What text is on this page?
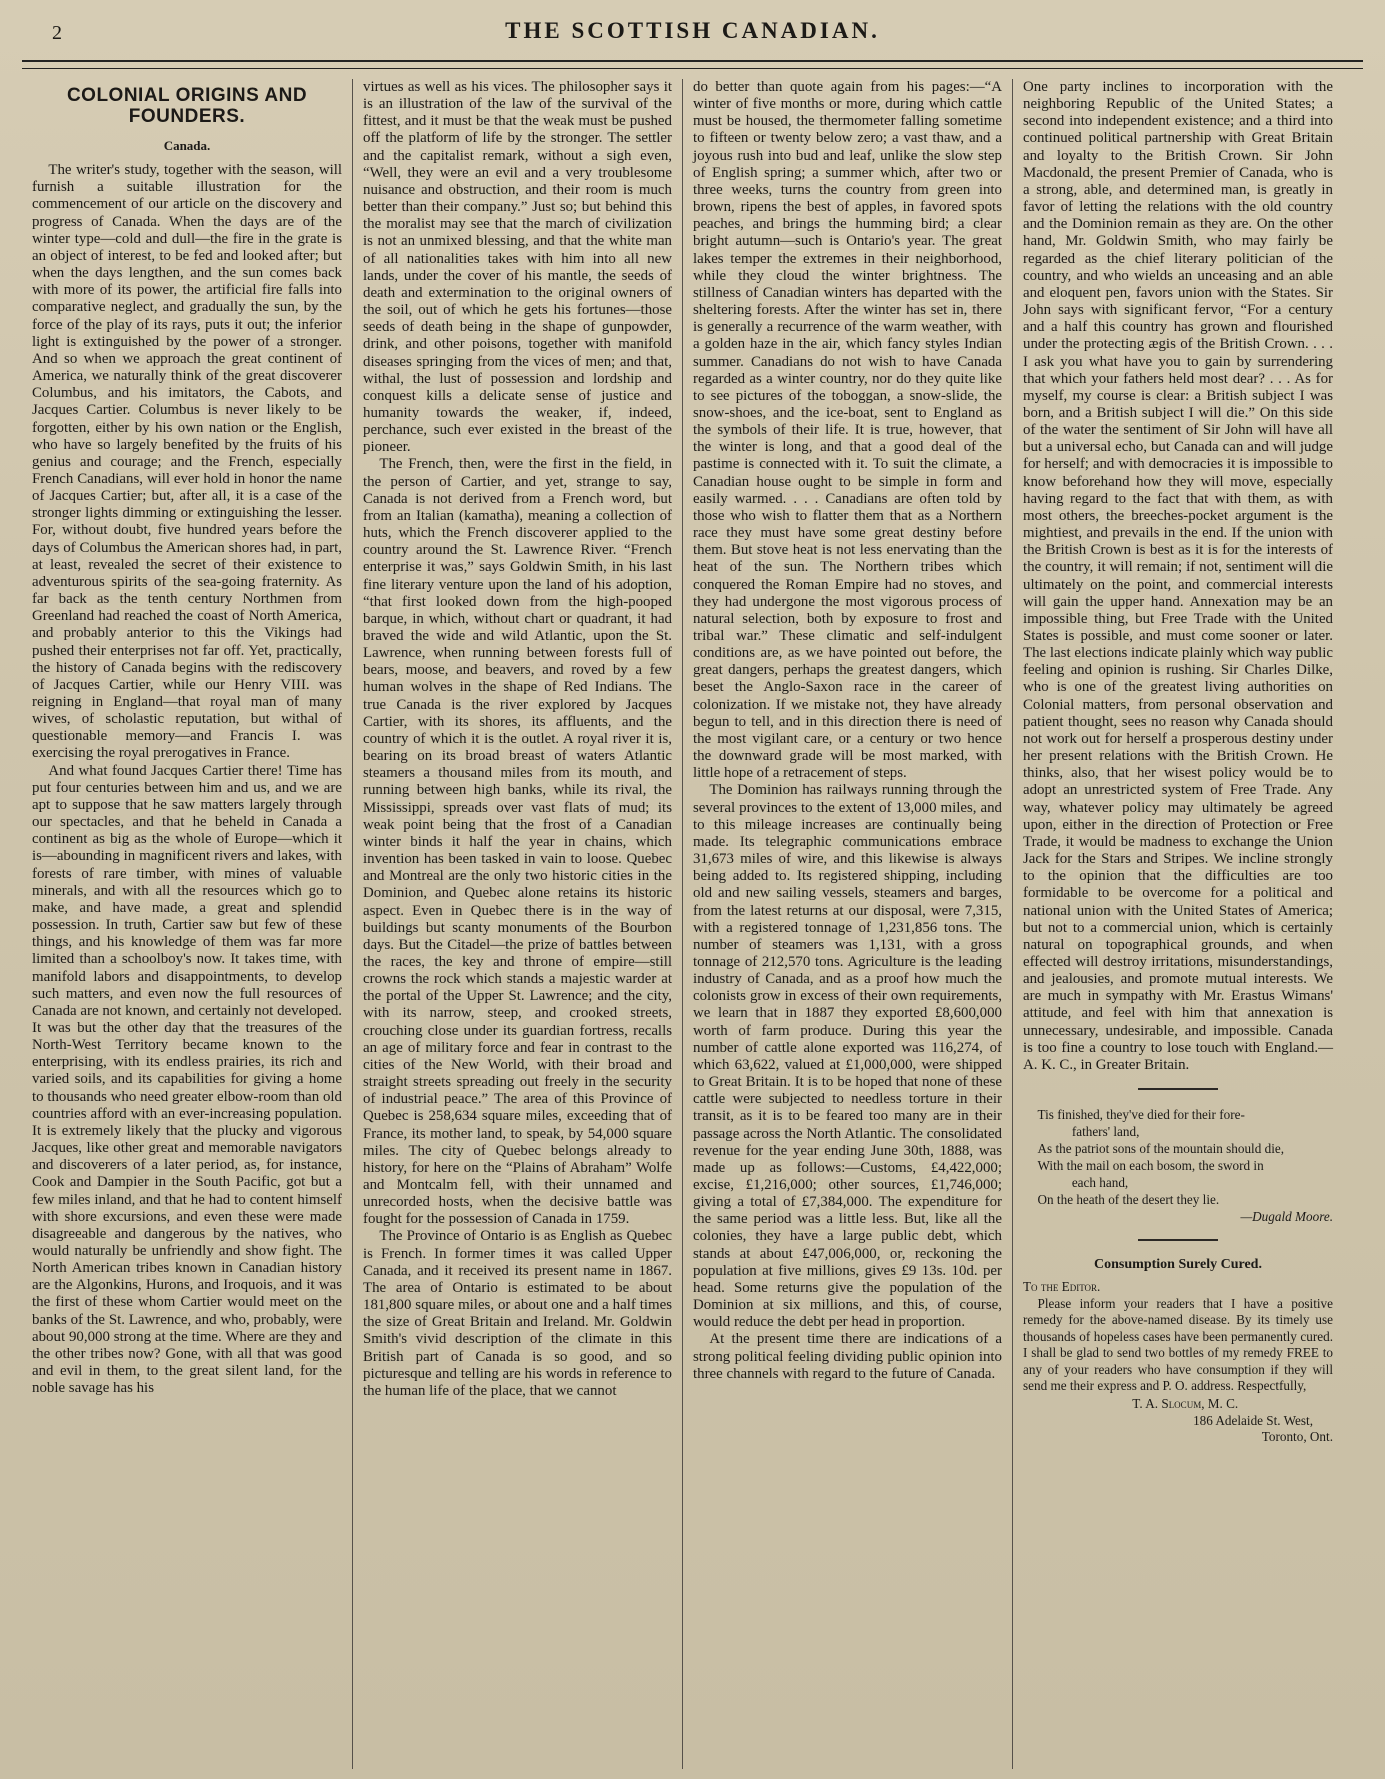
2	THE SCOTTISH CANADIAN.
COLONIAL ORIGINS AND FOUNDERS.
Canada.

The writer's study, together with the season, will furnish a suitable illustration for the commencement of our article on the discovery and progress of Canada. When the days are of the winter type—cold and dull—the fire in the grate is an object of interest, to be fed and looked after; but when the days lengthen, and the sun comes back with more of its power, the artificial fire falls into comparative neglect, and gradually the sun, by the force of the play of its rays, puts it out; the inferior light is extinguished by the power of a stronger. And so when we approach the great continent of America, we naturally think of the great discoverer Columbus, and his imitators, the Cabots, and Jacques Cartier. Columbus is never likely to be forgotten, either by his own nation or the English, who have so largely benefited by the fruits of his genius and courage; and the French, especially French Canadians, will ever hold in honor the name of Jacques Cartier; but, after all, it is a case of the stronger lights dimming or extinguishing the lesser. For, without doubt, five hundred years before the days of Columbus the American shores had, in part, at least, revealed the secret of their existence to adventurous spirits of the sea-going fraternity. As far back as the tenth century Northmen from Greenland had reached the coast of North America, and probably anterior to this the Vikings had pushed their enterprises not far off. Yet, practically, the history of Canada begins with the rediscovery of Jacques Cartier, while our Henry VIII. was reigning in England—that royal man of many wives, of scholastic reputation, but withal of questionable memory—and Francis I. was exercising the royal prerogatives in France.

And what found Jacques Cartier there! Time has put four centuries between him and us, and we are apt to suppose that he saw matters largely through our spectacles, and that he beheld in Canada a continent as big as the whole of Europe—which it is—abounding in magnificent rivers and lakes, with forests of rare timber, with mines of valuable minerals, and with all the resources which go to make, and have made, a great and splendid possession. In truth, Cartier saw but few of these things, and his knowledge of them was far more limited than a schoolboy's now. It takes time, with manifold labors and disappointments, to develop such matters, and even now the full resources of Canada are not known, and certainly not developed. It was but the other day that the treasures of the North-West Territory became known to the enterprising, with its endless prairies, its rich and varied soils, and its capabilities for giving a home to thousands who need greater elbow-room than old countries afford with an ever-increasing population. It is extremely likely that the plucky and vigorous Jacques, like other great and memorable navigators and discoverers of a later period, as, for instance, Cook and Dampier in the South Pacific, got but a few miles inland, and that he had to content himself with shore excursions, and even these were made disagreeable and dangerous by the natives, who would naturally be unfriendly and show fight. The North American tribes known in Canadian history are the Algonkins, Hurons, and Iroquois, and it was the first of these whom Cartier would meet on the banks of the St. Lawrence, and who, probably, were about 90,000 strong at the time. Where are they and the other tribes now? Gone, with all that was good and evil in them, to the great silent land, for the noble savage has his

virtues as well as his vices. The philosopher says it is an illustration of the law of the survival of the fittest, and it must be that the weak must be pushed off the platform of life by the stronger. The settler and the capitalist remark, without a sigh even, “Well, they were an evil and a very troublesome nuisance and obstruction, and their room is much better than their company.” Just so; but behind this the moralist may see that the march of civilization is not an unmixed blessing, and that the white man of all nationalities takes with him into all new lands, under the cover of his mantle, the seeds of death and extermination to the original owners of the soil, out of which he gets his fortunes—those seeds of death being in the shape of gunpowder, drink, and other poisons, together with manifold diseases springing from the vices of men; and that, withal, the lust of possession and lordship and conquest kills a delicate sense of justice and humanity towards the weaker, if, indeed, perchance, such ever existed in the breast of the pioneer.

The French, then, were the first in the field, in the person of Cartier, and yet, strange to say, Canada is not derived from a French word, but from an Italian (kamatha), meaning a collection of huts, which the French discoverer applied to the country around the St. Lawrence River. “French enterprise it was,” says Goldwin Smith, in his last fine literary venture upon the land of his adoption, “that first looked down from the high-pooped barque, in which, without chart or quadrant, it had braved the wide and wild Atlantic, upon the St. Lawrence, when running between forests full of bears, moose, and beavers, and roved by a few human wolves in the shape of Red Indians. The true Canada is the river explored by Jacques Cartier, with its shores, its affluents, and the country of which it is the outlet. A royal river it is, bearing on its broad breast of waters Atlantic steamers a thousand miles from its mouth, and running between high banks, while its rival, the Mississippi, spreads over vast flats of mud; its weak point being that the frost of a Canadian winter binds it half the year in chains, which invention has been tasked in vain to loose. Quebec and Montreal are the only two historic cities in the Dominion, and Quebec alone retains its historic aspect. Even in Quebec there is in the way of buildings but scanty monuments of the Bourbon days. But the Citadel—the prize of battles between the races, the key and throne of empire—still crowns the rock which stands a majestic warder at the portal of the Upper St. Lawrence; and the city, with its narrow, steep, and crooked streets, crouching close under its guardian fortress, recalls an age of military force and fear in contrast to the cities of the New World, with their broad and straight streets spreading out freely in the security of industrial peace.” The area of this Province of Quebec is 258,634 square miles, exceeding that of France, its mother land, to speak, by 54,000 square miles. The city of Quebec belongs already to history, for here on the “Plains of Abraham” Wolfe and Montcalm fell, with their unnamed and unrecorded hosts, when the decisive battle was fought for the possession of Canada in 1759.

The Province of Ontario is as English as Quebec is French. In former times it was called Upper Canada, and it received its present name in 1867. The area of Ontario is estimated to be about 181,800 square miles, or about one and a half times the size of Great Britain and Ireland. Mr. Goldwin Smith's vivid description of the climate in this British part of Canada is so good, and so picturesque and telling are his words in reference to the human life of the place, that we cannot

do better than quote again from his pages:—“A winter of five months or more, during which cattle must be housed, the thermometer falling sometime to fifteen or twenty below zero; a vast thaw, and a joyous rush into bud and leaf, unlike the slow step of English spring; a summer which, after two or three weeks, turns the country from green into brown, ripens the best of apples, in favored spots peaches, and brings the humming bird; a clear bright autumn—such is Ontario's year. The great lakes temper the extremes in their neighborhood, while they cloud the winter brightness. The stillness of Canadian winters has departed with the sheltering forests. After the winter has set in, there is generally a recurrence of the warm weather, with a golden haze in the air, which fancy styles Indian summer. Canadians do not wish to have Canada regarded as a winter country, nor do they quite like to see pictures of the toboggan, a snow-slide, the snow-shoes, and the ice-boat, sent to England as the symbols of their life. It is true, however, that the winter is long, and that a good deal of the pastime is connected with it. To suit the climate, a Canadian house ought to be simple in form and easily warmed. . . . Canadians are often told by those who wish to flatter them that as a Northern race they must have some great destiny before them. But stove heat is not less enervating than the heat of the sun. The Northern tribes which conquered the Roman Empire had no stoves, and they had undergone the most vigorous process of natural selection, both by exposure to frost and tribal war.” These climatic and self-indulgent conditions are, as we have pointed out before, the great dangers, perhaps the greatest dangers, which beset the Anglo-Saxon race in the career of colonization. If we mistake not, they have already begun to tell, and in this direction there is need of the most vigilant care, or a century or two hence the downward grade will be most marked, with little hope of a retracement of steps.

The Dominion has railways running through the several provinces to the extent of 13,000 miles, and to this mileage increases are continually being made. Its telegraphic communications embrace 31,673 miles of wire, and this likewise is always being added to. Its registered shipping, including old and new sailing vessels, steamers and barges, from the latest returns at our disposal, were 7,315, with a registered tonnage of 1,231,856 tons. The number of steamers was 1,131, with a gross tonnage of 212,570 tons. Agriculture is the leading industry of Canada, and as a proof how much the colonists grow in excess of their own requirements, we learn that in 1887 they exported £8,600,000 worth of farm produce. During this year the number of cattle alone exported was 116,274, of which 63,622, valued at £1,000,000, were shipped to Great Britain. It is to be hoped that none of these cattle were subjected to needless torture in their transit, as it is to be feared too many are in their passage across the North Atlantic. The consolidated revenue for the year ending June 30th, 1888, was made up as follows:—Customs, £4,422,000; excise, £1,216,000; other sources, £1,746,000; giving a total of £7,384,000. The expenditure for the same period was a little less. But, like all the colonies, they have a large public debt, which stands at about £47,006,000, or, reckoning the population at five millions, gives £9 13s. 10d. per head. Some returns give the population of the Dominion at six millions, and this, of course, would reduce the debt per head in proportion.

At the present time there are indications of a strong political feeling dividing public opinion into three channels with regard to the future of Canada.

One party inclines to incorporation with the neighboring Republic of the United States; a second into independent existence; and a third into continued political partnership with Great Britain and loyalty to the British Crown. Sir John Macdonald, the present Premier of Canada, who is a strong, able, and determined man, is greatly in favor of letting the relations with the old country and the Dominion remain as they are. On the other hand, Mr. Goldwin Smith, who may fairly be regarded as the chief literary politician of the country, and who wields an unceasing and an able and eloquent pen, favors union with the States. Sir John says with significant fervor, “For a century and a half this country has grown and flourished under the protecting ægis of the British Crown. . . . I ask you what have you to gain by surrendering that which your fathers held most dear? . . . As for myself, my course is clear: a British subject I was born, and a British subject I will die.” On this side of the water the sentiment of Sir John will have all but a universal echo, but Canada can and will judge for herself; and with democracies it is impossible to know beforehand how they will move, especially having regard to the fact that with them, as with most others, the breeches-pocket argument is the mightiest, and prevails in the end. If the union with the British Crown is best as it is for the interests of the country, it will remain; if not, sentiment will die ultimately on the point, and commercial interests will gain the upper hand. Annexation may be an impossible thing, but Free Trade with the United States is possible, and must come sooner or later. The last elections indicate plainly which way public feeling and opinion is rushing. Sir Charles Dilke, who is one of the greatest living authorities on Colonial matters, from personal observation and patient thought, sees no reason why Canada should not work out for herself a prosperous destiny under her present relations with the British Crown. He thinks, also, that her wisest policy would be to adopt an unrestricted system of Free Trade. Any way, whatever policy may ultimately be agreed upon, either in the direction of Protection or Free Trade, it would be madness to exchange the Union Jack for the Stars and Stripes. We incline strongly to the opinion that the difficulties are too formidable to be overcome for a political and national union with the United States of America; but not to a commercial union, which is certainly natural on topographical grounds, and when effected will destroy irritations, misunderstandings, and jealousies, and promote mutual interests. We are much in sympathy with Mr. Erastus Wimans' attitude, and feel with him that annexation is unnecessary, undesirable, and impossible. Canada is too fine a country to lose touch with England.—A. K. C., in Greater Britain.

Tis finished, they've died for their fore-

fathers' land,

As the patriot sons of the mountain should die,

With the mail on each bosom, the sword in

each hand,

On the heath of the desert they lie.

—Dugald Moore.

Consumption Surely Cured.

To the Editor.

Please inform your readers that I have a positive remedy for the above-named disease. By its timely use thousands of hopeless cases have been permanently cured. I shall be glad to send two bottles of my remedy FREE to any of your readers who have consumption if they will send me their express and P. O. address. Respectfully,

T. A. Slocum, M. C.

186 Adelaide St. West,

Toronto, Ont.
